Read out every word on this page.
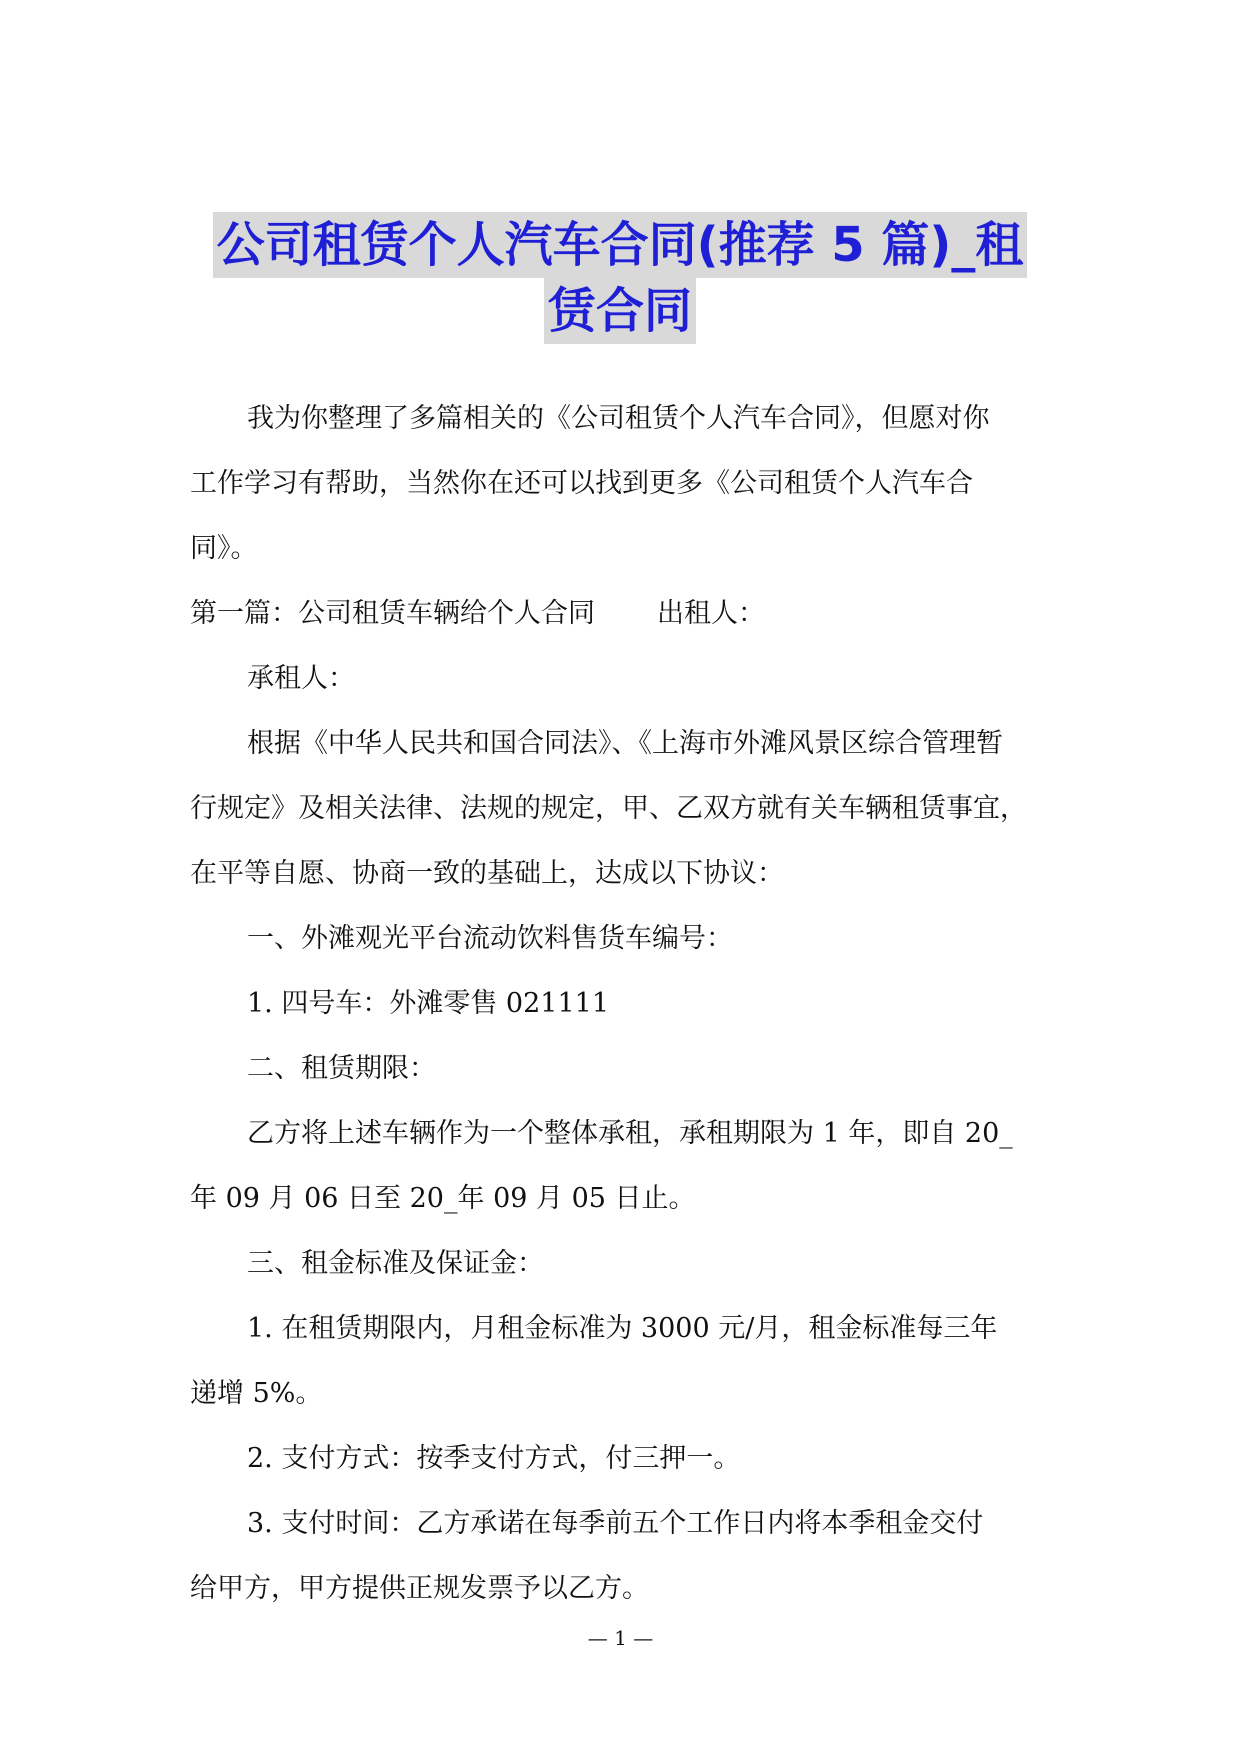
公司租赁个人汽车合同(推荐 5 篇)_租
赁合同

我为你整理了多篇相关的《公司租赁个人汽车合同》，但愿对你

工作学习有帮助，当然你在还可以找到更多《公司租赁个人汽车合

同》。

第一篇：公司租赁车辆给个人合同 出租人：

承租人：

根据《中华人民共和国合同法》、《上海市外滩风景区综合管理暂

行规定》及相关法律、法规的规定，甲、乙双方就有关车辆租赁事宜，

在平等自愿、协商一致的基础上，达成以下协议：

一、外滩观光平台流动饮料售货车编号：

1. 四号车：外滩零售 021111

二、租赁期限：

乙方将上述车辆作为一个整体承租，承租期限为 1 年，即自 20_

年 09 月 06 日至 20_年 09 月 05 日止。

三、租金标准及保证金：

1. 在租赁期限内，月租金标准为 3000 元/月，租金标准每三年

递增 5%。

2. 支付方式：按季支付方式，付三押一。

3. 支付时间：乙方承诺在每季前五个工作日内将本季租金交付

给甲方，甲方提供正规发票予以乙方。

— 1 —
